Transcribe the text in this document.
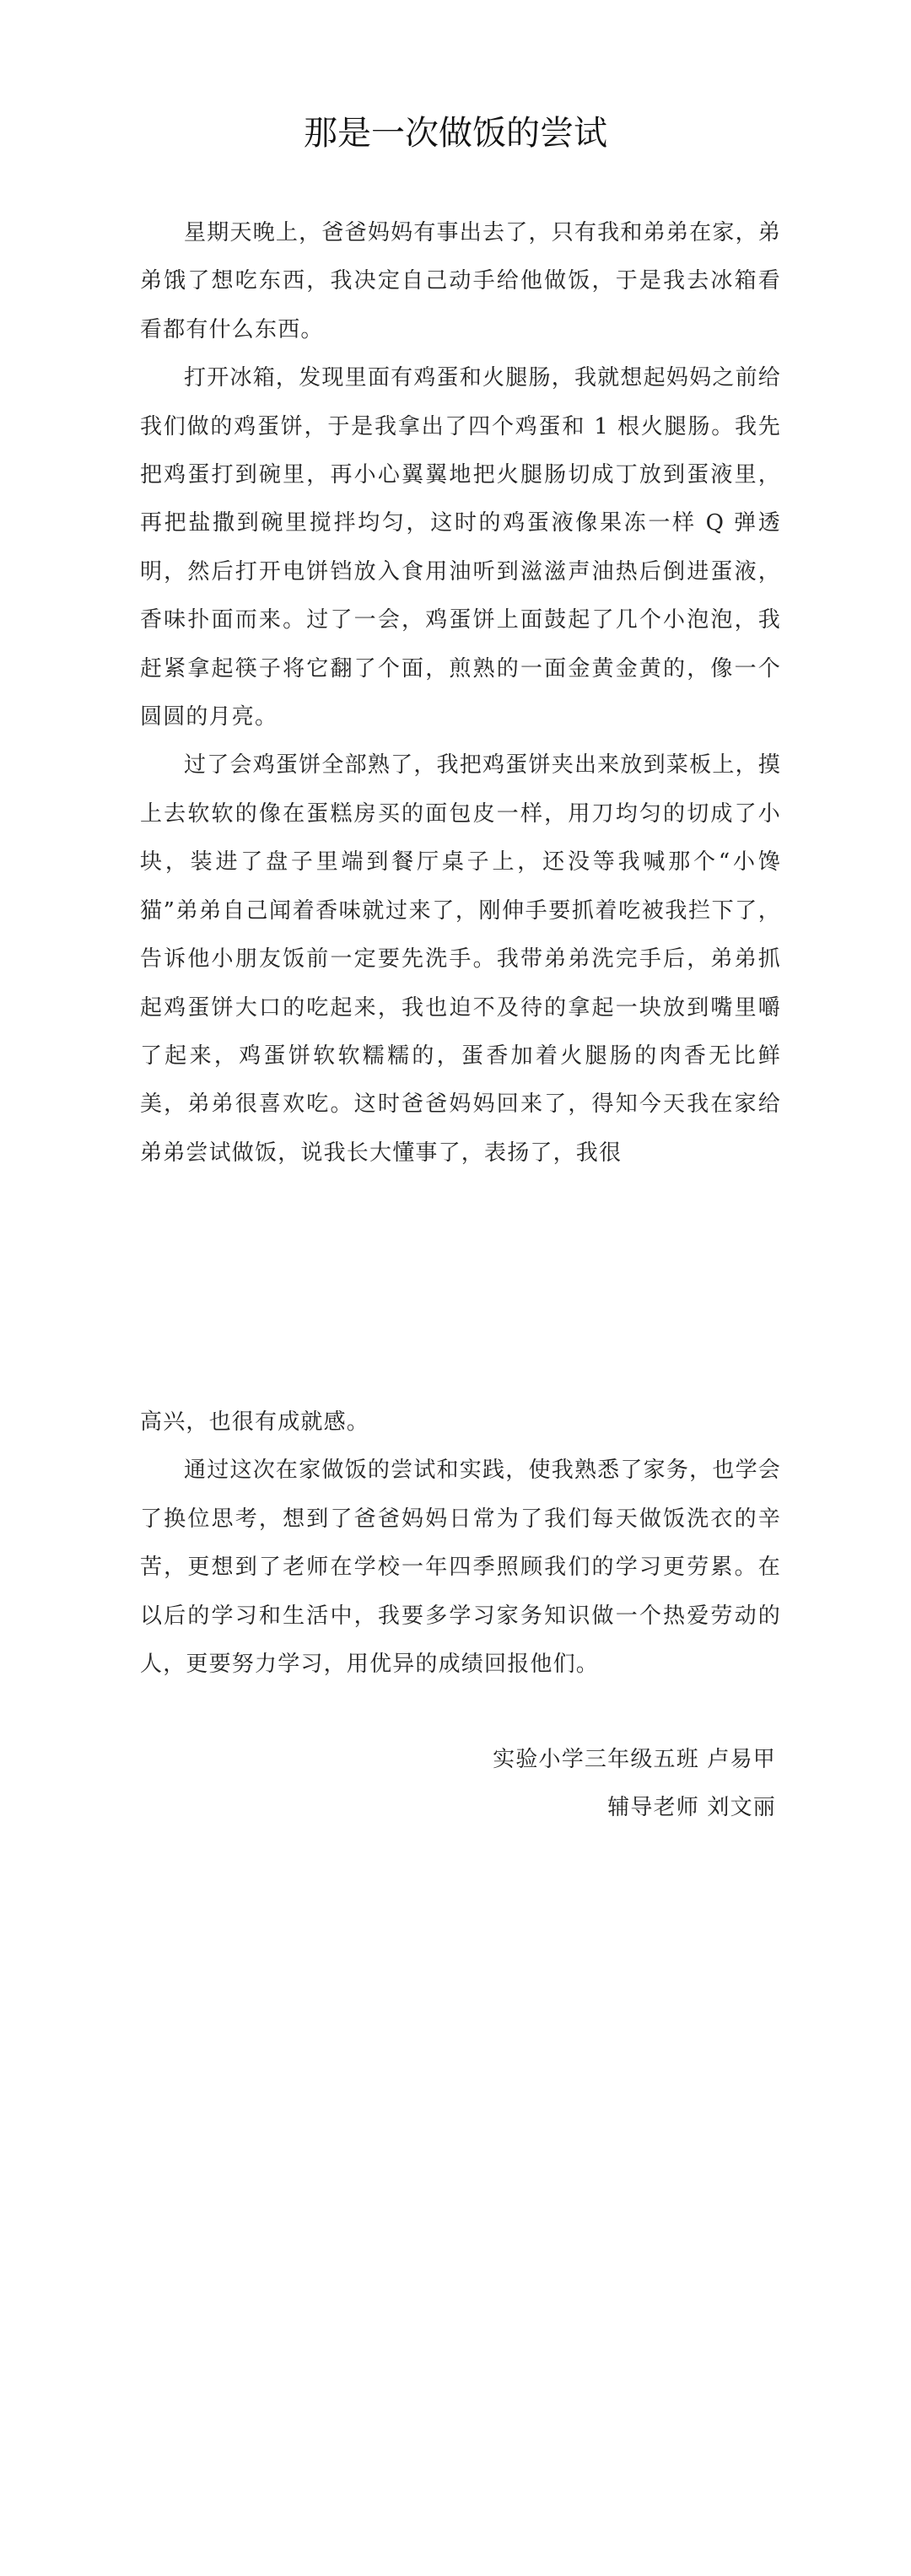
那是一次做饭的尝试

星期天晚上，爸爸妈妈有事出去了，只有我和弟弟在家，弟弟饿了想吃东西，我决定自己动手给他做饭，于是我去冰箱看看都有什么东西。

打开冰箱，发现里面有鸡蛋和火腿肠，我就想起妈妈之前给我们做的鸡蛋饼，于是我拿出了四个鸡蛋和 1 根火腿肠。我先把鸡蛋打到碗里，再小心翼翼地把火腿肠切成丁放到蛋液里，再把盐撒到碗里搅拌均匀，这时的鸡蛋液像果冻一样 Q 弹透明，然后打开电饼铛放入食用油听到滋滋声油热后倒进蛋液，香味扑面而来。过了一会，鸡蛋饼上面鼓起了几个小泡泡，我赶紧拿起筷子将它翻了个面，煎熟的一面金黄金黄的，像一个圆圆的月亮。

过了会鸡蛋饼全部熟了，我把鸡蛋饼夹出来放到菜板上，摸上去软软的像在蛋糕房买的面包皮一样，用刀均匀的切成了小块，装进了盘子里端到餐厅桌子上，还没等我喊那个“小馋猫”弟弟自己闻着香味就过来了，刚伸手要抓着吃被我拦下了，告诉他小朋友饭前一定要先洗手。我带弟弟洗完手后，弟弟抓起鸡蛋饼大口的吃起来，我也迫不及待的拿起一块放到嘴里嚼了起来，鸡蛋饼软软糯糯的，蛋香加着火腿肠的肉香无比鲜美，弟弟很喜欢吃。这时爸爸妈妈回来了，得知今天我在家给弟弟尝试做饭，说我长大懂事了，表扬了，我很

高兴，也很有成就感。

通过这次在家做饭的尝试和实践，使我熟悉了家务，也学会了换位思考，想到了爸爸妈妈日常为了我们每天做饭洗衣的辛苦，更想到了老师在学校一年四季照顾我们的学习更劳累。在以后的学习和生活中，我要多学习家务知识做一个热爱劳动的人，更要努力学习，用优异的成绩回报他们。

实验小学三年级五班 卢易甲
辅导老师 刘文丽
